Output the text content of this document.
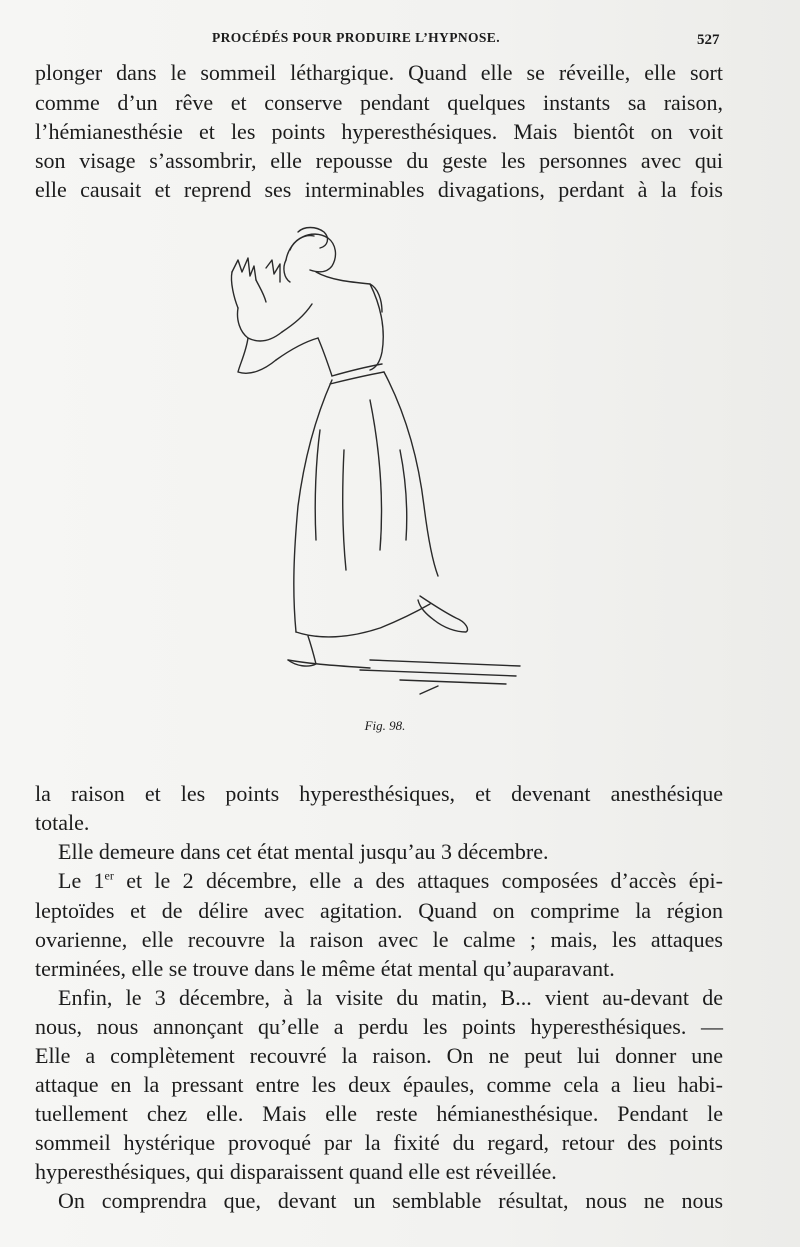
PROCÉDÉS POUR PRODUIRE L’HYPNOSE.	527
plonger dans le sommeil léthargique. Quand elle se réveille, elle sort
comme d’un rêve et conserve pendant quelques instants sa raison,
l’hémianesthésie et les points hyperesthésiques. Mais bientôt on voit
son visage s’assombrir, elle repousse du geste les personnes avec qui
elle causait et reprend ses interminables divagations, perdant à la fois
Fig. 98.
la raison et les points hyperesthésiques, et devenant anesthésique
totale.
Elle demeure dans cet état mental jusqu’au 3 décembre.
Le 1er et le 2 décembre, elle a des attaques composées d’accès épi-
leptoïdes et de délire avec agitation. Quand on comprime la région
ovarienne, elle recouvre la raison avec le calme ; mais, les attaques
terminées, elle se trouve dans le même état mental qu’auparavant.
Enfin, le 3 décembre, à la visite du matin, B... vient au-devant de
nous, nous annonçant qu’elle a perdu les points hyperesthésiques. —
Elle a complètement recouvré la raison. On ne peut lui donner une
attaque en la pressant entre les deux épaules, comme cela a lieu habi-
tuellement chez elle. Mais elle reste hémianesthésique. Pendant le
sommeil hystérique provoqué par la fixité du regard, retour des points
hyperesthésiques, qui disparaissent quand elle est réveillée.
On comprendra que, devant un semblable résultat, nous ne nous
